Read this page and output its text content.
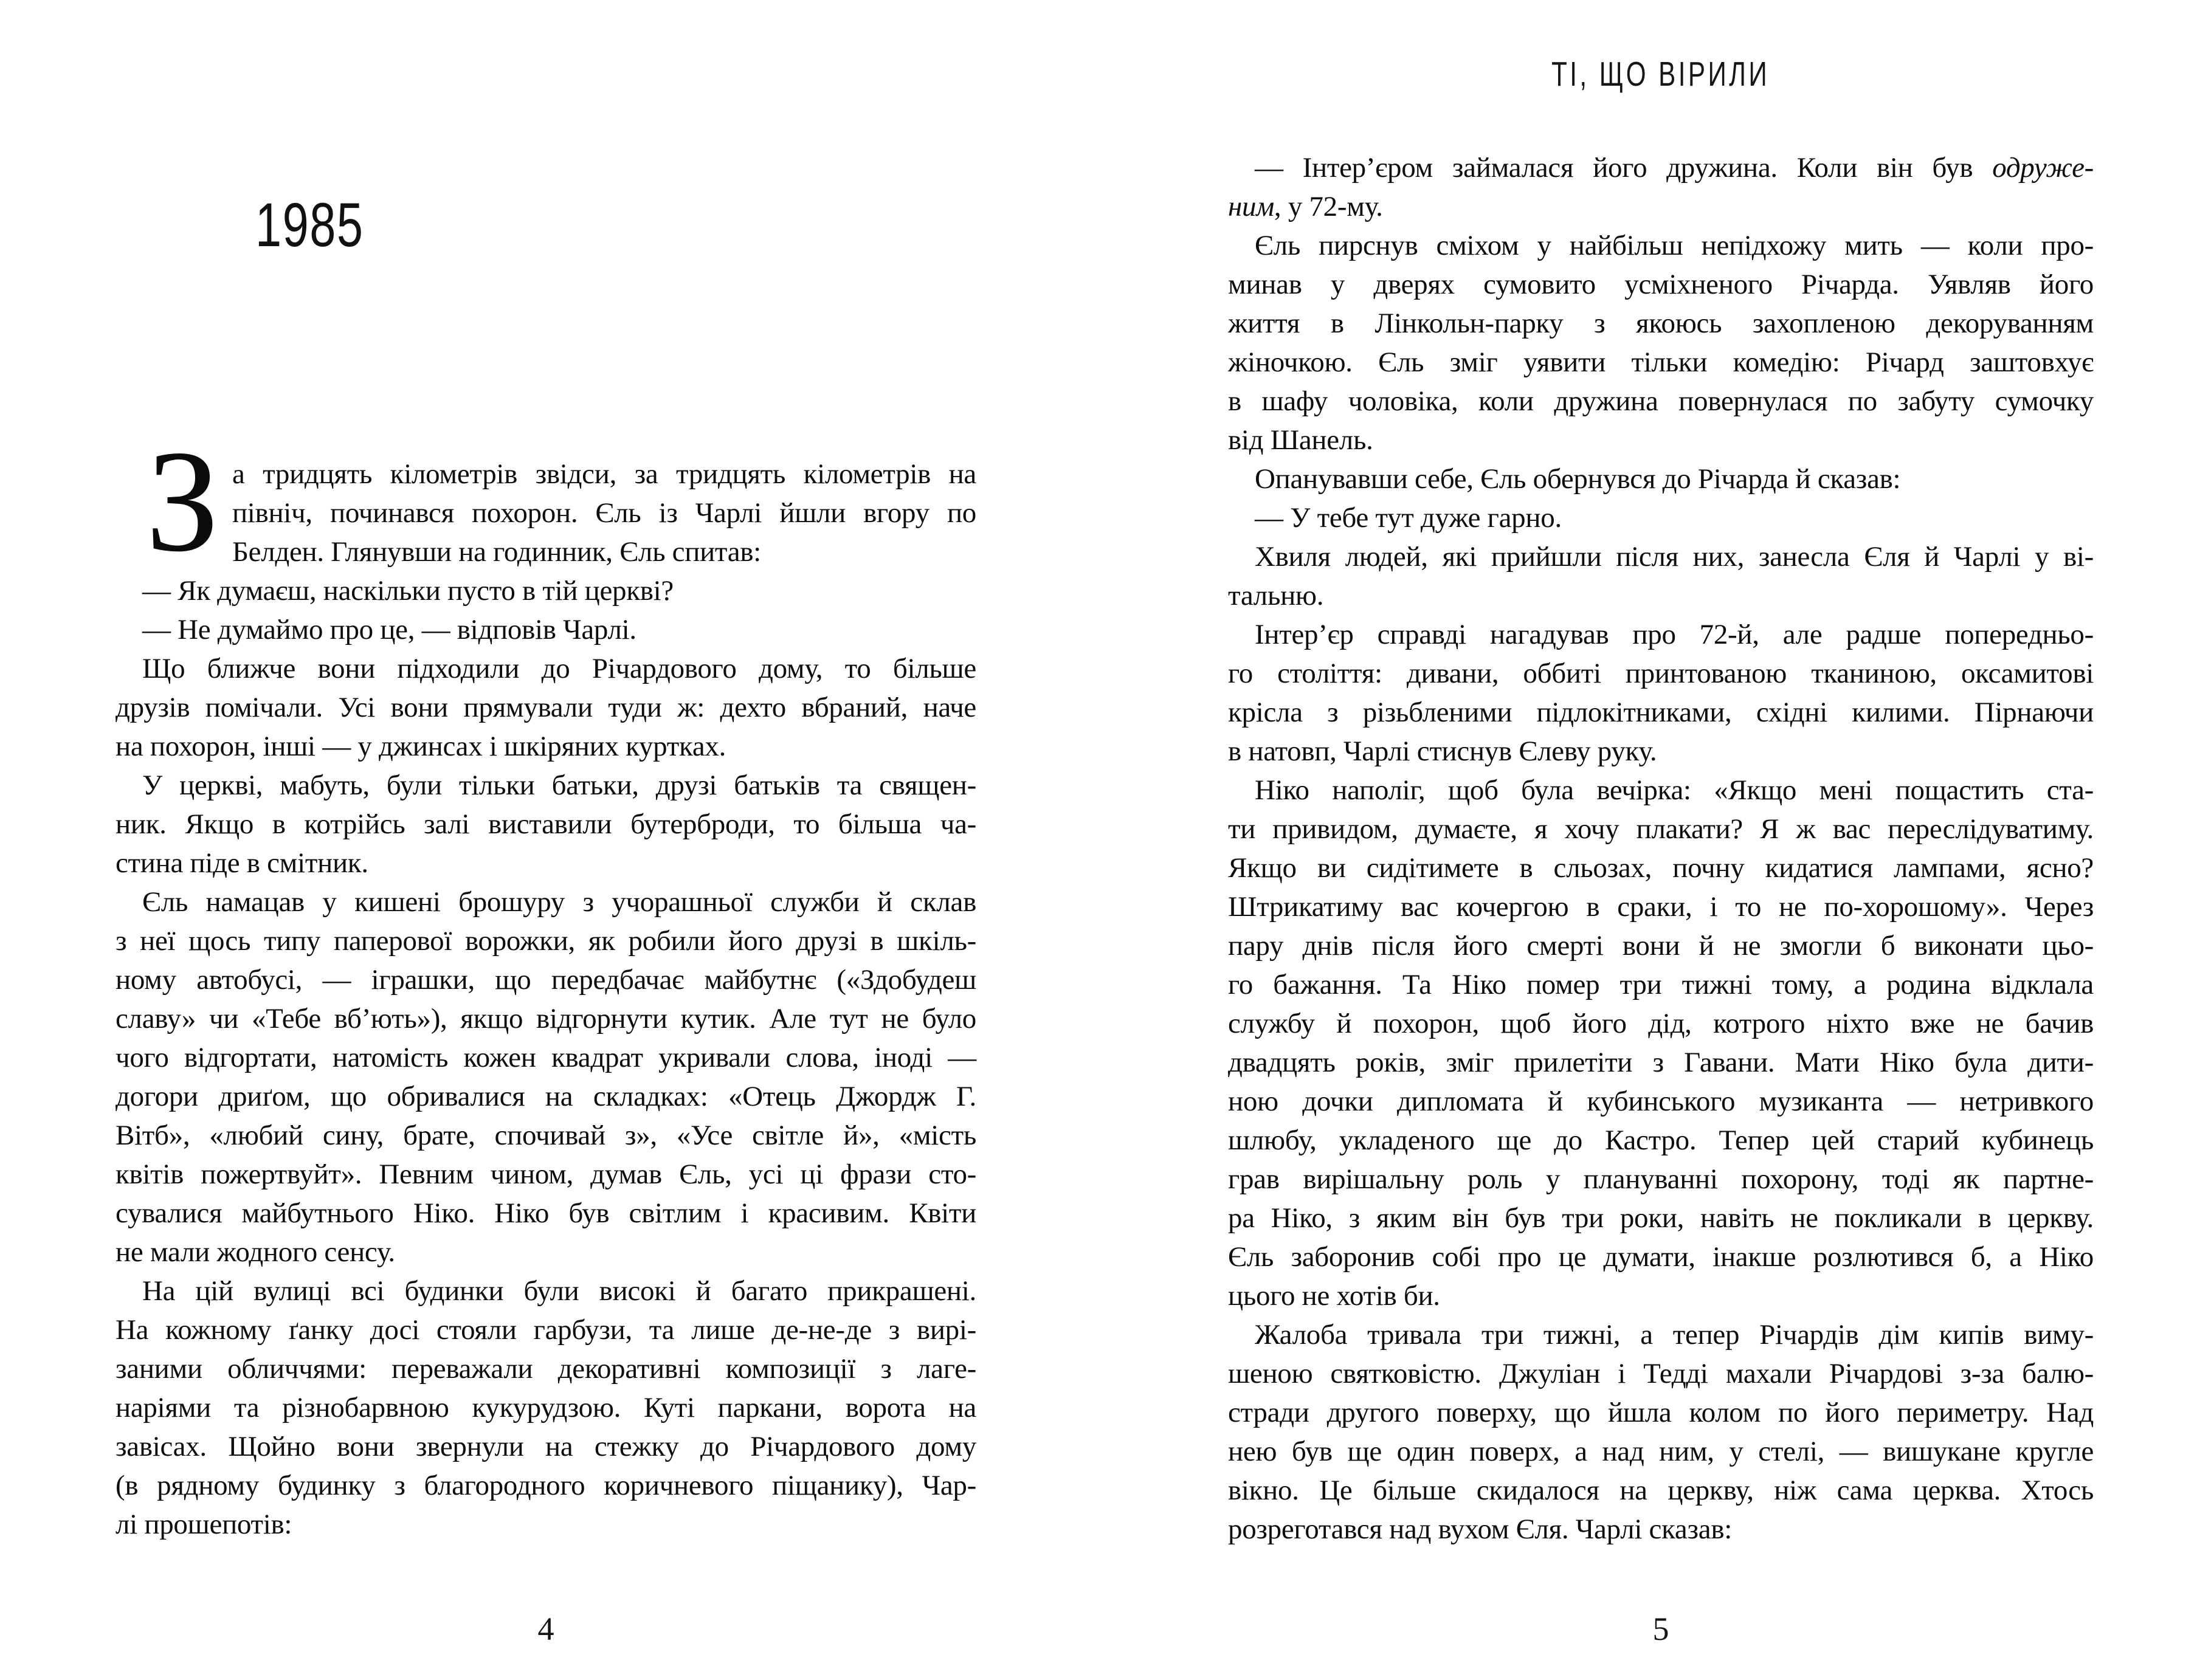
1985
З а тридцять кілометрів звідси, за тридцять кілометрів на
північ, починався похорон. Єль із Чарлі йшли вгору по
Белден. Глянувши на годинник, Єль спитав:
— Як думаєш, наскільки пусто в тій церкві?
— Не думаймо про це, — відповів Чарлі.
Що ближче вони підходили до Річардового дому, то більше
друзів помічали. Усі вони прямували туди ж: дехто вбраний, наче
на похорон, інші — у джинсах і шкіряних куртках.
У церкві, мабуть, були тільки батьки, друзі батьків та священ-
ник. Якщо в котрійсь залі виставили бутерброди, то більша ча-
стина піде в смітник.
Єль намацав у кишені брошуру з учорашньої служби й склав
з неї щось типу паперової ворожки, як робили його друзі в шкіль-
ному автобусі, — іграшки, що передбачає майбутнє («Здобудеш
славу» чи «Тебе вб’ють»), якщо відгорнути кутик. Але тут не було
чого відгортати, натомість кожен квадрат укривали слова, іноді —
догори дриґом, що обривалися на складках: «Отець Джордж Г.
Вітб», «любий сину, брате, спочивай з», «Усе світле й», «мість
квітів пожертвуйт». Певним чином, думав Єль, усі ці фрази сто-
сувалися майбутнього Ніко. Ніко був світлим і красивим. Квіти
не мали жодного сенсу.
На цій вулиці всі будинки були високі й багато прикрашені.
На кожному ґанку досі стояли гарбузи, та лише де-не-де з вирі-
заними обличчями: переважали декоративні композиції з лаге-
наріями та різнобарвною кукурудзою. Куті паркани, ворота на
завісах. Щойно вони звернули на стежку до Річардового дому
(в рядному будинку з благородного коричневого піщанику), Чар-
лі прошепотів:
4
ТІ, ЩО ВІРИЛИ
— Інтер’єром займалася його дружина. Коли він був одруже-
ним, у 72-му.
Єль пирснув сміхом у найбільш непідхожу мить — коли про-
минав у дверях сумовито усміхненого Річарда. Уявляв його
життя в Лінкольн-парку з якоюсь захопленою декоруванням
жіночкою. Єль зміг уявити тільки комедію: Річард заштовхує
в шафу чоловіка, коли дружина повернулася по забуту сумочку
від Шанель.
Опанувавши себе, Єль обернувся до Річарда й сказав:
— У тебе тут дуже гарно.
Хвиля людей, які прийшли після них, занесла Єля й Чарлі у ві-
тальню.
Інтер’єр справді нагадував про 72-й, але радше попередньо-
го століття: дивани, оббиті принтованою тканиною, оксамитові
крісла з різьбленими підлокітниками, східні килими. Пірнаючи
в натовп, Чарлі стиснув Єлеву руку.
Ніко наполіг, щоб була вечірка: «Якщо мені пощастить ста-
ти привидом, думаєте, я хочу плакати? Я ж вас переслідуватиму.
Якщо ви сидітимете в сльозах, почну кидатися лампами, ясно?
Штрикатиму вас кочергою в сраки, і то не по-хорошому». Через
пару днів після його смерті вони й не змогли б виконати цьо-
го бажання. Та Ніко помер три тижні тому, а родина відклала
службу й похорон, щоб його дід, котрого ніхто вже не бачив
двадцять років, зміг прилетіти з Гавани. Мати Ніко була дити-
ною дочки дипломата й кубинського музиканта — нетривкого
шлюбу, укладеного ще до Кастро. Тепер цей старий кубинець
грав вирішальну роль у плануванні похорону, тоді як партне-
ра Ніко, з яким він був три роки, навіть не покликали в церкву.
Єль заборонив собі про це думати, інакше розлютився б, а Ніко
цього не хотів би.
Жалоба тривала три тижні, а тепер Річардів дім кипів виму-
шеною святковістю. Джуліан і Тедді махали Річардові з-за балю-
стради другого поверху, що йшла колом по його периметру. Над
нею був ще один поверх, а над ним, у стелі, — вишукане кругле
вікно. Це більше скидалося на церкву, ніж сама церква. Хтось
розреготався над вухом Єля. Чарлі сказав:
5
